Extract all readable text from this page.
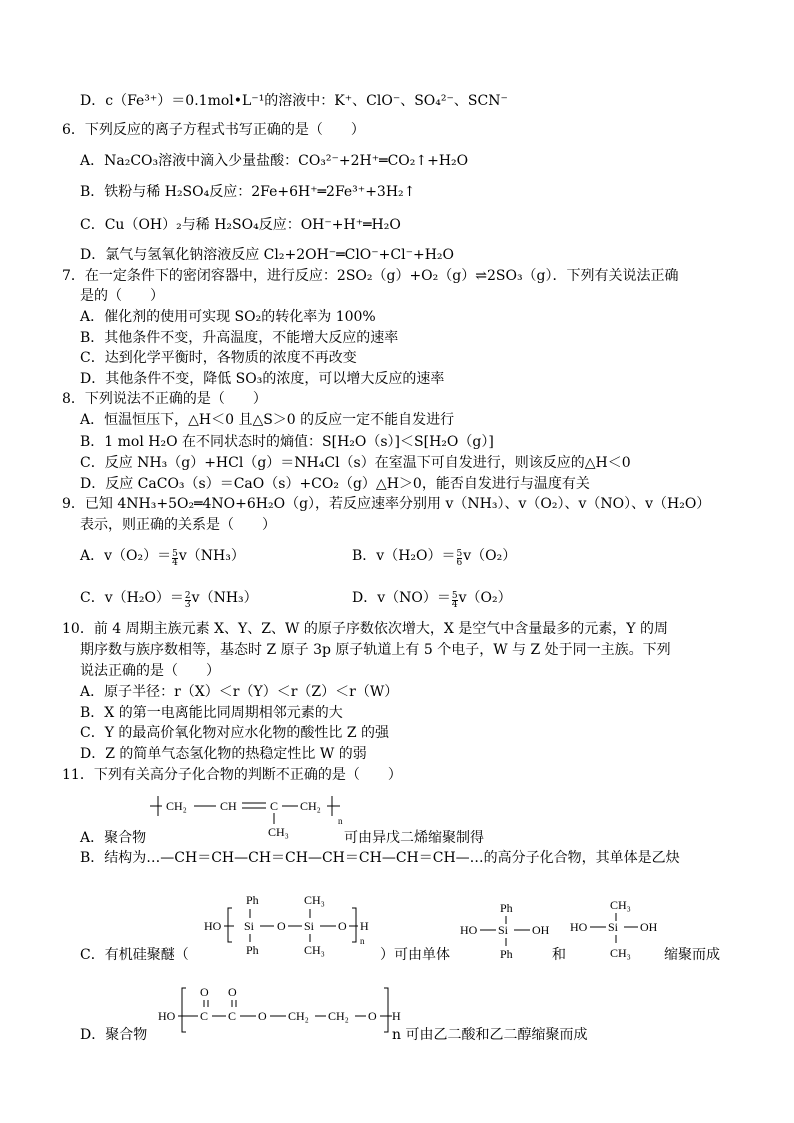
D．c（Fe³⁺）＝0.1mol•L⁻¹的溶液中：K⁺、ClO⁻、SO₄²⁻、SCN⁻
6．下列反应的离子方程式书写正确的是（　　）
A．Na₂CO₃溶液中滴入少量盐酸：CO₃²⁻+2H⁺═CO₂↑+H₂O
B．铁粉与稀 H₂SO₄反应：2Fe+6H⁺═2Fe³⁺+3H₂↑
C．Cu（OH）₂与稀 H₂SO₄反应：OH⁻+H⁺═H₂O
D．氯气与氢氧化钠溶液反应 Cl₂+2OH⁻═ClO⁻+Cl⁻+H₂O
7．在一定条件下的密闭容器中，进行反应：2SO₂（g）+O₂（g）⇌2SO₃（g）．下列有关说法正确
是的（　　）
A．催化剂的使用可实现 SO₂的转化率为 100%
B．其他条件不变，升高温度，不能增大反应的速率
C．达到化学平衡时，各物质的浓度不再改变
D．其他条件不变，降低 SO₃的浓度，可以增大反应的速率
8．下列说法不正确的是（　　）
A．恒温恒压下，△H＜0 且△S＞0 的反应一定不能自发进行
B．1 mol H₂O 在不同状态时的熵值：S[H₂O（s）]＜S[H₂O（g）]
C．反应 NH₃（g）+HCl（g）＝NH₄Cl（s）在室温下可自发进行，则该反应的△H＜0
D．反应 CaCO₃（s）＝CaO（s）+CO₂（g）△H＞0，能否自发进行与温度有关
9．已知 4NH₃+5O₂═4NO+6H₂O（g），若反应速率分别用 v（NH₃）、v（O₂）、v（NO）、v（H₂O）
表示，则正确的关系是（　　）
A．$v(O_2)= \frac{5}{4} v(NH_3)$	B．$v(H_2O)= \frac{5}{6} v(O_2)$
C．$v(H_2O)= \frac{2}{3} v(NH_3)$	D．$v(NO)= \frac{5}{4} v(O_2)$
10．前 4 周期主族元素 X、Y、Z、W 的原子序数依次增大，X 是空气中含量最多的元素，Y 的周
期序数与族序数相等，基态时 Z 原子 3p 原子轨道上有 5 个电子，W 与 Z 处于同一主族。下列
说法正确的是（　　）
A．原子半径：r（X）＜r（Y）＜r（Z）＜r（W）
B．X 的第一电离能比同周期相邻元素的大
C．Y 的最高价氧化物对应水化物的酸性比 Z 的强
D．Z 的简单气态氢化物的热稳定性比 W 的弱
11．下列有关高分子化合物的判断不正确的是（　　）
CH₂	CH	C CH₂
n
CH₃
A．聚合物	可由异戊二烯缩聚制得
B．结构为…—CH＝CH—CH＝CH—CH＝CH—CH＝CH—…的高分子化合物，其单体是乙炔
HO
Ph
Si
Ph
O
CH₃
Si
CH₃
O H
n
Ph
HO Si OH
Ph
CH₃
HO Si OH
CH₃
C．有机硅聚醚（	）可由单体	和	缩聚而成
HO
O
C
O
C O CH₂ CH₂ O H
D．聚合物	n 可由乙二酸和乙二醇缩聚而成
